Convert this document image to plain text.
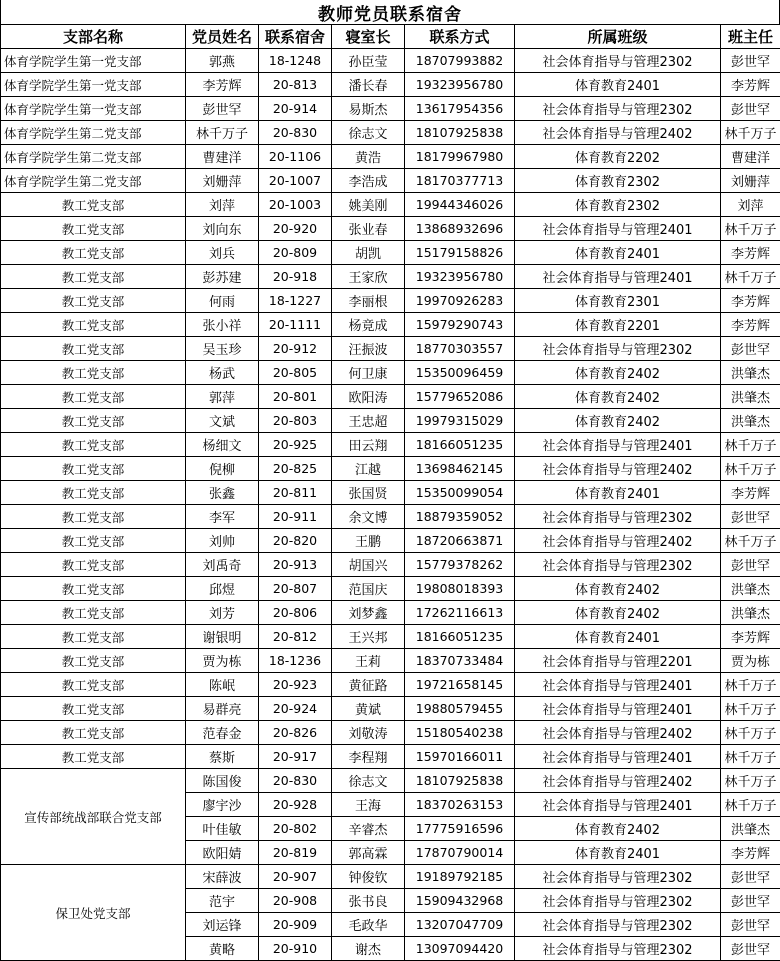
教师党员联系宿舍
支部名称	党员姓名	联系宿舍	寝室长	联系方式	所属班级	班主任
体育学院学生第一党支部	郭燕	18-1248	孙臣莹	18707993882	社会体育指导与管理2302	彭世罕
体育学院学生第一党支部	李芳辉	20-813	潘长春	19323956780	体育教育2401	李芳辉
体育学院学生第一党支部	彭世罕	20-914	易斯杰	13617954356	社会体育指导与管理2302	彭世罕
体育学院学生第二党支部	林千万子	20-830	徐志文	18107925838	社会体育指导与管理2402	林千万子
体育学院学生第二党支部	曹建洋	20-1106	黄浩	18179967980	体育教育2202	曹建洋
体育学院学生第二党支部	刘姗萍	20-1007	李浩成	18170377713	体育教育2302	刘姗萍
教工党支部	刘萍	20-1003	姚美刚	19944346026	体育教育2302	刘萍
教工党支部	刘向东	20-920	张业春	13868932696	社会体育指导与管理2401	林千万子
教工党支部	刘兵	20-809	胡凯	15179158826	体育教育2401	李芳辉
教工党支部	彭苏建	20-918	王家欣	19323956780	社会体育指导与管理2401	林千万子
教工党支部	何雨	18-1227	李丽根	19970926283	体育教育2301	李芳辉
教工党支部	张小祥	20-1111	杨竟成	15979290743	体育教育2201	李芳辉
教工党支部	吴玉珍	20-912	汪振波	18770303557	社会体育指导与管理2302	彭世罕
教工党支部	杨武	20-805	何卫康	15350096459	体育教育2402	洪肇杰
教工党支部	郭萍	20-801	欧阳涛	15779652086	体育教育2402	洪肇杰
教工党支部	文斌	20-803	王忠超	19979315029	体育教育2402	洪肇杰
教工党支部	杨细文	20-925	田云翔	18166051235	社会体育指导与管理2401	林千万子
教工党支部	倪柳	20-825	江越	13698462145	社会体育指导与管理2402	林千万子
教工党支部	张鑫	20-811	张国贤	15350099054	体育教育2401	李芳辉
教工党支部	李军	20-911	余文博	18879359052	社会体育指导与管理2302	彭世罕
教工党支部	刘帅	20-820	王鹏	18720663871	社会体育指导与管理2402	林千万子
教工党支部	刘禹奇	20-913	胡国兴	15779378262	社会体育指导与管理2302	彭世罕
教工党支部	邱煜	20-807	范国庆	19808018393	体育教育2402	洪肇杰
教工党支部	刘芳	20-806	刘梦鑫	17262116613	体育教育2402	洪肇杰
教工党支部	谢银明	20-812	王兴邦	18166051235	体育教育2401	李芳辉
教工党支部	贾为栋	18-1236	王莉	18370733484	社会体育指导与管理2201	贾为栋
教工党支部	陈岷	20-923	黄征路	19721658145	社会体育指导与管理2401	林千万子
教工党支部	易群亮	20-924	黄斌	19880579455	社会体育指导与管理2401	林千万子
教工党支部	范春金	20-826	刘敬涛	15180540238	社会体育指导与管理2402	林千万子
教工党支部	蔡斯	20-917	李程翔	15970166011	社会体育指导与管理2401	林千万子
宣传部统战部联合党支部	陈国俊	20-830	徐志文	18107925838	社会体育指导与管理2402	林千万子
	廖宇沙	20-928	王海	18370263153	社会体育指导与管理2401	林千万子
	叶佳敏	20-802	辛睿杰	17775916596	体育教育2402	洪肇杰
	欧阳婧	20-819	郭高霖	17870790014	体育教育2401	李芳辉
保卫处党支部	宋薛波	20-907	钟俊钦	19189792185	社会体育指导与管理2302	彭世罕
	范宇	20-908	张书良	15909432968	社会体育指导与管理2302	彭世罕
	刘运锋	20-909	毛政华	13207047709	社会体育指导与管理2302	彭世罕
	黄略	20-910	谢杰	13097094420	社会体育指导与管理2302	彭世罕
